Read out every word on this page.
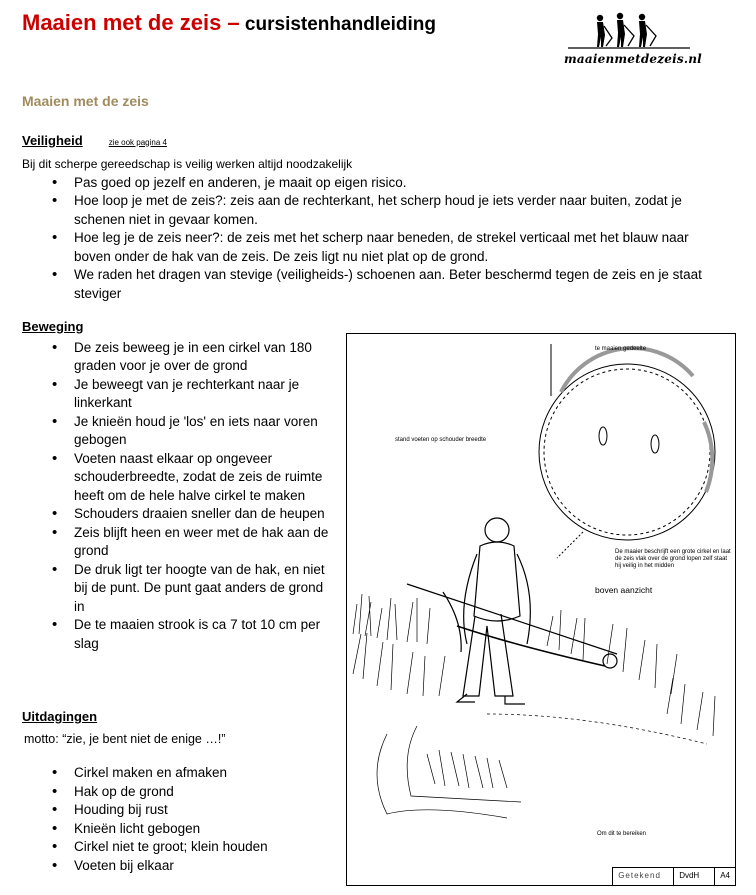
Maaien met de zeis – cursistenhandleiding
maaienmetdezeis.nl
Maaien met de zeis
Veiligheid	zie ook pagina 4
Bij dit scherpe gereedschap is veilig werken altijd noodzakelijk
• Pas goed op jezelf en anderen, je maait op eigen risico.
• Hoe loop je met de zeis?: zeis aan de rechterkant, het scherp houd je iets verder naar buiten, zodat je schenen niet in gevaar komen.
• Hoe leg je de zeis neer?: de zeis met het scherp naar beneden, de strekel verticaal met het blauw naar boven onder de hak van de zeis. De zeis ligt nu niet plat op de grond.
• We raden het dragen van stevige (veiligheids-) schoenen aan. Beter beschermd tegen de zeis en je staat steviger
Beweging
• De zeis beweeg je in een cirkel van 180 graden voor je over de grond
• Je beweegt van je rechterkant naar je linkerkant
• Je knieën houd je 'los' en iets naar voren gebogen
• Voeten naast elkaar op ongeveer schouderbreedte, zodat de zeis de ruimte heeft om de hele halve cirkel te maken
• Schouders draaien sneller dan de heupen
• Zeis blijft heen en weer met de hak aan de grond
• De druk ligt ter hoogte van de hak, en niet bij de punt. De punt gaat anders de grond in
• De te maaien strook is ca 7 tot 10 cm per slag
Uitdagingen
motto: “zie, je bent niet de enige …!”
• Cirkel maken en afmaken
• Hak op de grond
• Houding bij rust
• Knieën licht gebogen
• Cirkel niet te groot; klein houden
• Voeten bij elkaar
te maaien gedeelte
stand voeten op schouder breedte
De maaier beschrijft een grote cirkel en laat de zeis vlak over de grond lopen zelf staat hij veilig in het midden
boven aanzicht
Om dit te bereiken
Getekend	DvdH	A4
